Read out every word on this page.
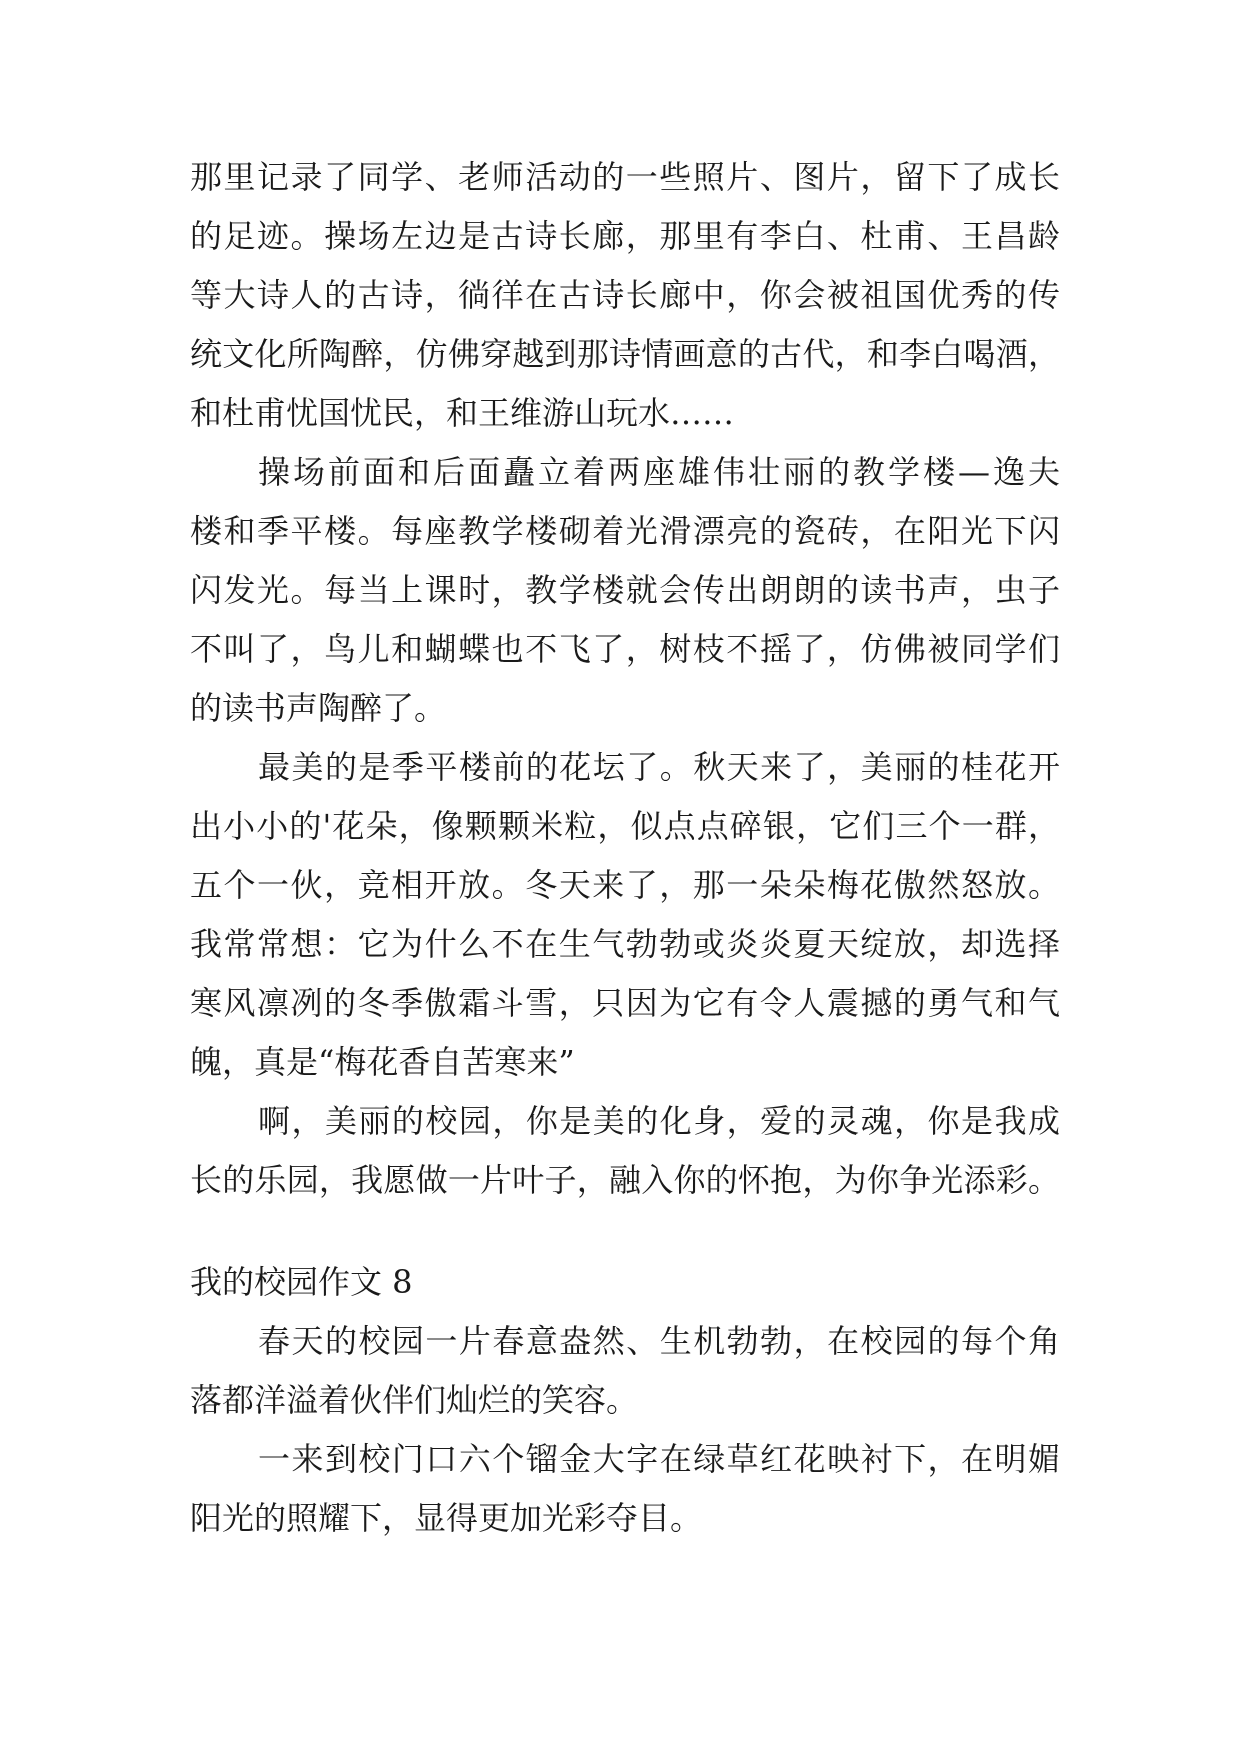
那里记录了同学、老师活动的一些照片、图片，留下了成长
的足迹。操场左边是古诗长廊，那里有李白、杜甫、王昌龄
等大诗人的古诗，徜徉在古诗长廊中，你会被祖国优秀的传
统文化所陶醉，仿佛穿越到那诗情画意的古代，和李白喝酒，
和杜甫忧国忧民，和王维游山玩水……
操场前面和后面矗立着两座雄伟壮丽的教学楼—逸夫
楼和季平楼。每座教学楼砌着光滑漂亮的瓷砖，在阳光下闪
闪发光。每当上课时，教学楼就会传出朗朗的读书声，虫子
不叫了，鸟儿和蝴蝶也不飞了，树枝不摇了，仿佛被同学们
的读书声陶醉了。
最美的是季平楼前的花坛了。秋天来了，美丽的桂花开
出小小的'花朵，像颗颗米粒，似点点碎银，它们三个一群，
五个一伙，竞相开放。冬天来了，那一朵朵梅花傲然怒放。
我常常想：它为什么不在生气勃勃或炎炎夏天绽放，却选择
寒风凛冽的冬季傲霜斗雪，只因为它有令人震撼的勇气和气
魄，真是“梅花香自苦寒来”
啊，美丽的校园，你是美的化身，爱的灵魂，你是我成
长的乐园，我愿做一片叶子，融入你的怀抱，为你争光添彩。
我的校园作文 8
春天的校园一片春意盎然、生机勃勃，在校园的每个角
落都洋溢着伙伴们灿烂的笑容。
一来到校门口六个镏金大字在绿草红花映衬下，在明媚
阳光的照耀下，显得更加光彩夺目。
